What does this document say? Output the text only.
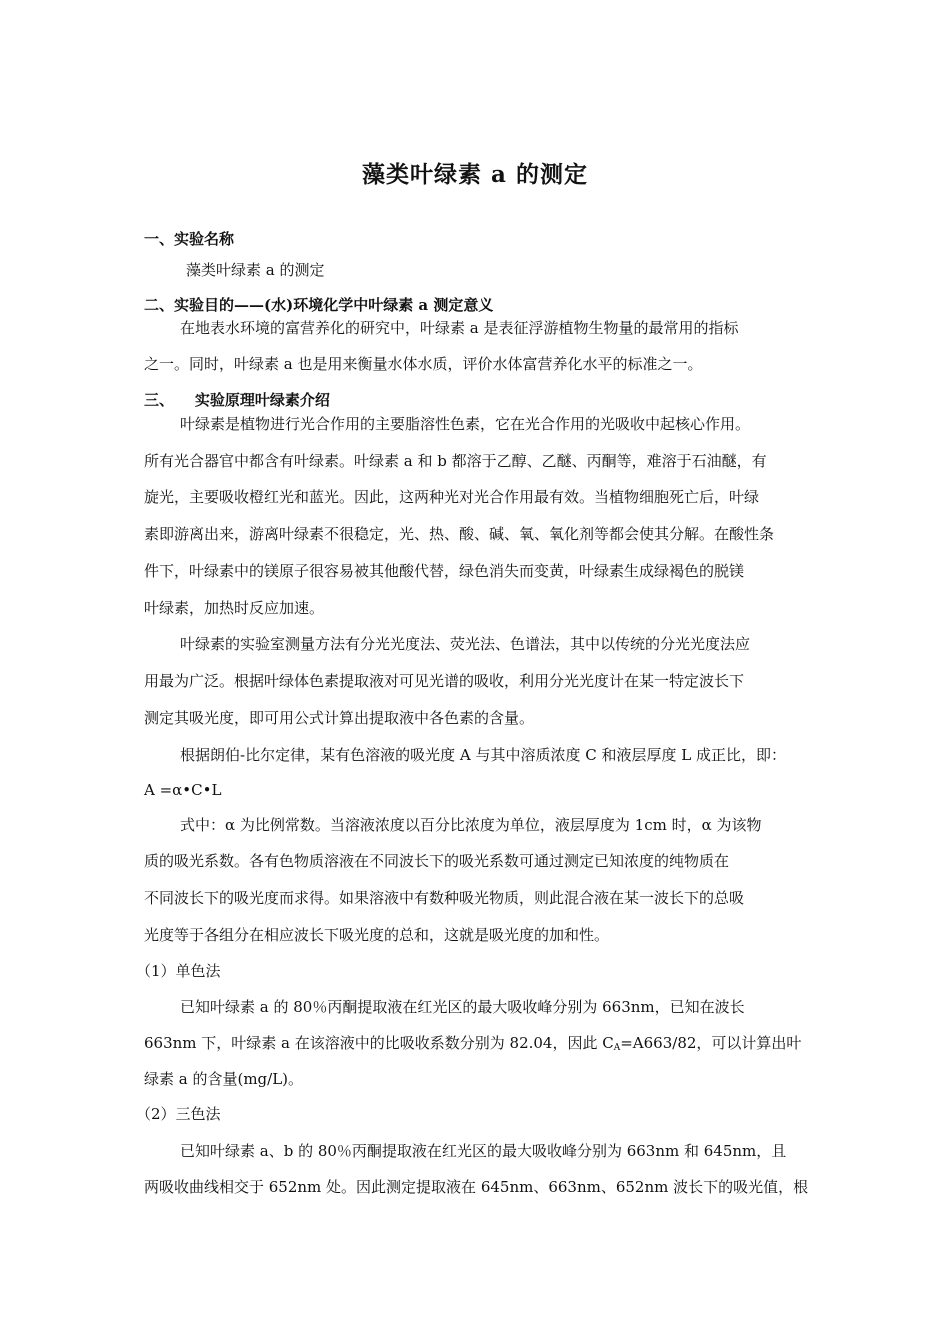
藻类叶绿素 a 的测定
一、实验名称
藻类叶绿素 a 的测定
二、实验目的——(水)环境化学中叶绿素 a 测定意义
在地表水环境的富营养化的研究中，叶绿素 a 是表征浮游植物生物量的最常用的指标
之一。同时，叶绿素 a 也是用来衡量水体水质，评价水体富营养化水平的标准之一。
三、    实验原理叶绿素介绍
叶绿素是植物进行光合作用的主要脂溶性色素，它在光合作用的光吸收中起核心作用。
所有光合器官中都含有叶绿素。叶绿素 a 和 b 都溶于乙醇、乙醚、丙酮等，难溶于石油醚，有
旋光，主要吸收橙红光和蓝光。因此，这两种光对光合作用最有效。当植物细胞死亡后，叶绿
素即游离出来，游离叶绿素不很稳定，光、热、酸、碱、氧、氧化剂等都会使其分解。在酸性条
件下，叶绿素中的镁原子很容易被其他酸代替，绿色消失而变黄，叶绿素生成绿褐色的脱镁
叶绿素，加热时反应加速。
叶绿素的实验室测量方法有分光光度法、荧光法、色谱法，其中以传统的分光光度法应
用最为广泛。根据叶绿体色素提取液对可见光谱的吸收，利用分光光度计在某一特定波长下
测定其吸光度，即可用公式计算出提取液中各色素的含量。
根据朗伯-比尔定律，某有色溶液的吸光度 A 与其中溶质浓度 C 和液层厚度 L 成正比，即：
A =α•C•L
式中：α 为比例常数。当溶液浓度以百分比浓度为单位，液层厚度为 1cm 时，α 为该物
质的吸光系数。各有色物质溶液在不同波长下的吸光系数可通过测定已知浓度的纯物质在
不同波长下的吸光度而求得。如果溶液中有数种吸光物质，则此混合液在某一波长下的总吸
光度等于各组分在相应波长下吸光度的总和，这就是吸光度的加和性。
（1）单色法
已知叶绿素 a 的 80％丙酮提取液在红光区的最大吸收峰分别为 663nm，已知在波长
663nm 下，叶绿素 a 在该溶液中的比吸收系数分别为 82.04，因此 $C_A=A663/82$，可以计算出叶
绿素 a 的含量(mg/L)。
（2）三色法
已知叶绿素 a、b 的 80％丙酮提取液在红光区的最大吸收峰分别为 663nm 和 645nm，且
两吸收曲线相交于 652nm 处。因此测定提取液在 645nm、663nm、652nm 波长下的吸光值，根
